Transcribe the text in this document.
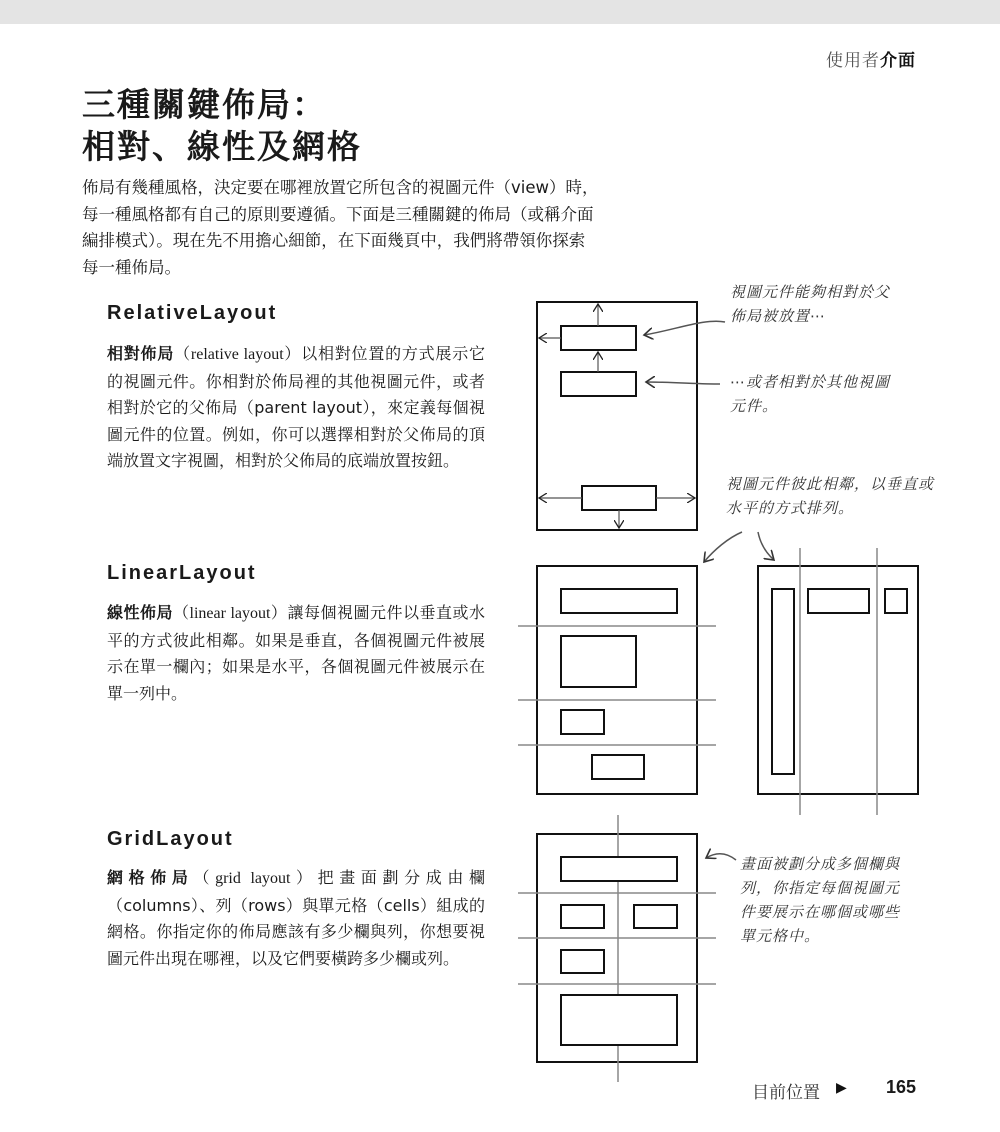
使用者介面
三種關鍵佈局：
相對、線性及網格

佈局有幾種風格，決定要在哪裡放置它所包含的視圖元件（view）時，每一種風格都有自己的原則要遵循。下面是三種關鍵的佈局（或稱介面編排模式）。現在先不用擔心細節，在下面幾頁中，我們將帶領你探索每一種佈局。

RelativeLayout

相對佈局（relative layout）以相對位置的方式展示它的視圖元件。你相對於佈局裡的其他視圖元件，或者相對於它的父佈局（parent layout），來定義每個視圖元件的位置。例如，你可以選擇相對於父佈局的頂端放置文字視圖，相對於父佈局的底端放置按鈕。

LinearLayout

線性佈局（linear layout）讓每個視圖元件以垂直或水平的方式彼此相鄰。如果是垂直，各個視圖元件被展示在單一欄內；如果是水平，各個視圖元件被展示在單一列中。

GridLayout

網格佈局（grid layout）把畫面劃分成由欄（columns）、列（rows）與單元格（cells）組成的網格。你指定你的佈局應該有多少欄與列，你想要視圖元件出現在哪裡，以及它們要橫跨多少欄或列。

視圖元件能夠相對於父佈局被放置⋯

⋯或者相對於其他視圖元件。

視圖元件彼此相鄰，以垂直或水平的方式排列。

畫面被劃分成多個欄與列，你指定每個視圖元件要展示在哪個或哪些單元格中。

目前位置 ▶ 165
